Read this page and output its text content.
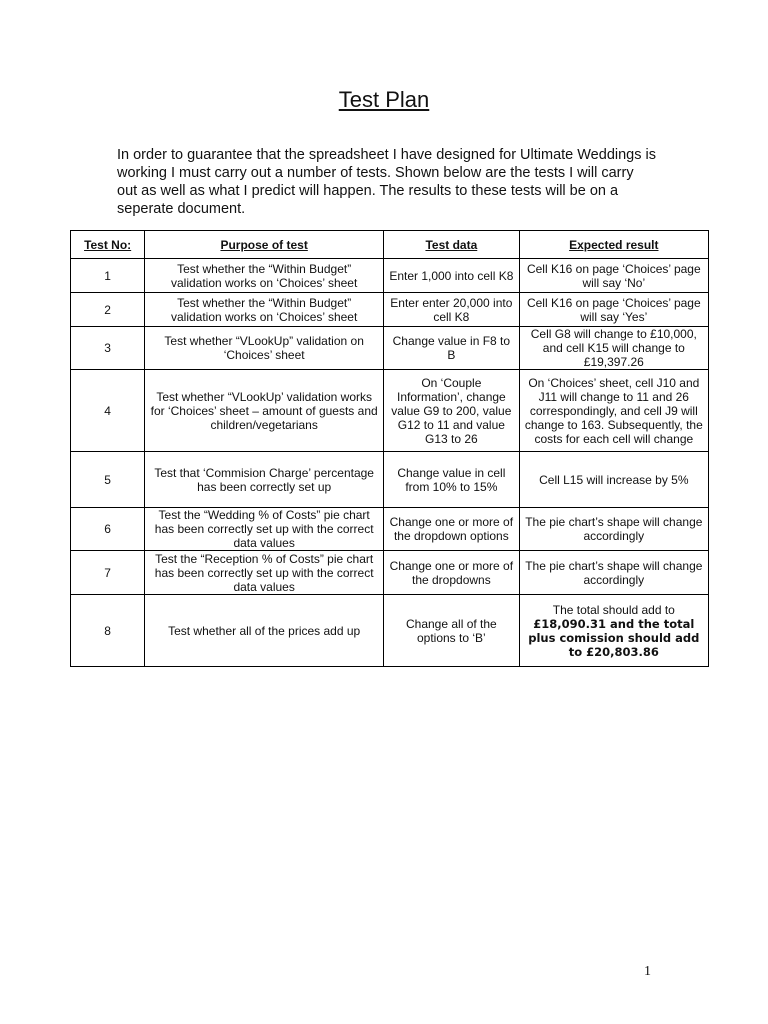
Test Plan
In order to guarantee that the spreadsheet I have designed for Ultimate Weddings is working I must carry out a number of tests. Shown below are the tests I will carry out as well as what I predict will happen. The results to these tests will be on a seperate document.
Test No:	Purpose of test	Test data	Expected result
1	Test whether the “Within Budget” validation works on ‘Choices’ sheet	Enter 1,000 into cell K8	Cell K16 on page ‘Choices’ page will say ‘No’
2	Test whether the “Within Budget” validation works on ‘Choices’ sheet	Enter enter 20,000 into cell K8	Cell K16 on page ‘Choices’ page will say ‘Yes’
3	Test whether “VLookUp” validation on ‘Choices’ sheet	Change value in F8 to B	Cell G8 will change to £10,000, and cell K15 will change to £19,397.26
4	Test whether “VLookUp’ validation works for ‘Choices’ sheet – amount of guests and children/vegetarians	On ‘Couple Information’, change value G9 to 200, value G12 to 11 and value G13 to 26	On ‘Choices’ sheet, cell J10 and J11 will change to 11 and 26 correspondingly, and cell J9 will change to 163. Subsequently, the costs for each cell will change
5	Test that ‘Commision Charge’ percentage has been correctly set up	Change value in cell from 10% to 15%	Cell L15 will increase by 5%
6	Test the “Wedding % of Costs” pie chart has been correctly set up with the correct data values	Change one or more of the dropdown options	The pie chart’s shape will change accordingly
7	Test the “Reception % of Costs” pie chart has been correctly set up with the correct data values	Change one or more of the dropdowns	The pie chart’s shape will change accordingly
8	Test whether all of the prices add up	Change all of the options to ‘B’	The total should add to
£18,090.31 and the total plus comission should add to £20,803.86
1
